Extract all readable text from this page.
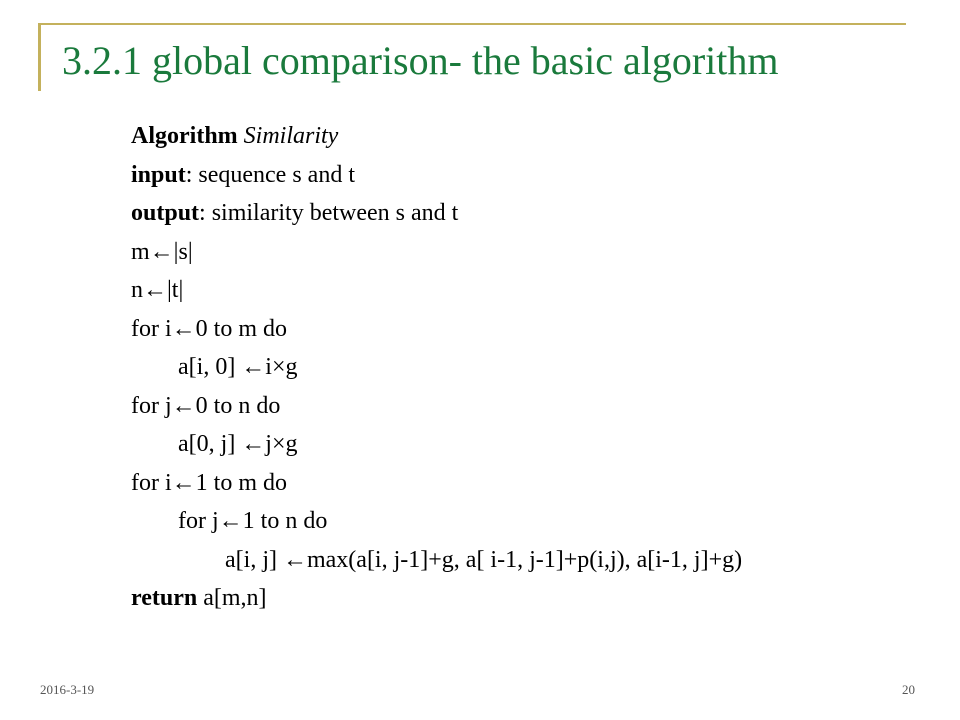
3.2.1 global comparison- the basic algorithm
Algorithm Similarity
input: sequence s and t
output: similarity between s and t
m←|s|
n←|t|
for i←0 to m do
a[i, 0] ←i×g
for j←0 to n do
a[0, j] ←j×g
for i←1 to m do
for j←1 to n do
a[i, j] ←max(a[i, j-1]+g, a[ i-1, j-1]+p(i,j), a[i-1, j]+g)
return a[m,n]
2016-3-19	20
